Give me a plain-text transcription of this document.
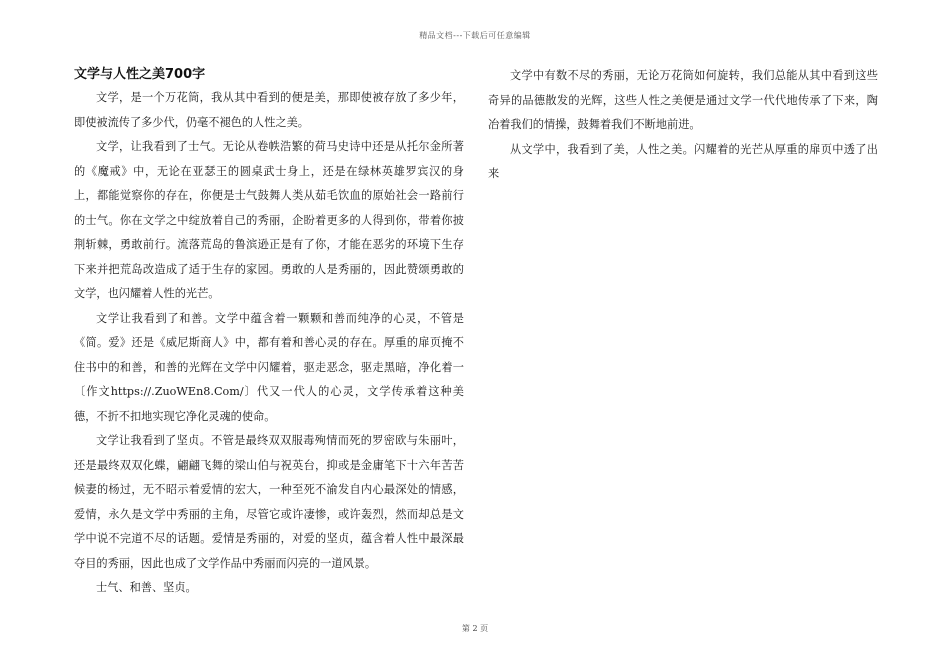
精品文档---下载后可任意编辑
文学与人性之美700字

文学，是一个万花筒，我从其中看到的便是美，那即使被存放了多少年，即使被流传了多少代，仍毫不褪色的人性之美。

文学，让我看到了士气。无论从卷帙浩繁的荷马史诗中还是从托尔金所著的《魔戒》中，无论在亚瑟王的圆桌武士身上，还是在绿林英雄罗宾汉的身上，都能觉察你的存在，你便是士气鼓舞人类从茹毛饮血的原始社会一路前行的士气。你在文学之中绽放着自己的秀丽，企盼着更多的人得到你，带着你披荆斩棘，勇敢前行。流落荒岛的鲁滨逊正是有了你，才能在恶劣的环境下生存下来并把荒岛改造成了适于生存的家园。勇敢的人是秀丽的，因此赞颂勇敢的文学，也闪耀着人性的光芒。

文学让我看到了和善。文学中蕴含着一颗颗和善而纯净的心灵，不管是《简。爱》还是《威尼斯商人》中，都有着和善心灵的存在。厚重的扉页掩不住书中的和善，和善的光辉在文学中闪耀着，驱走恶念，驱走黑暗，净化着一〔作文https://.ZuoWEn8.Com/〕代又一代人的心灵，文学传承着这种美德，不折不扣地实现它净化灵魂的使命。

文学让我看到了坚贞。不管是最终双双服毒殉情而死的罗密欧与朱丽叶，还是最终双双化蝶，翩翩飞舞的梁山伯与祝英台，抑或是金庸笔下十六年苦苦候妻的杨过，无不昭示着爱情的宏大，一种至死不渝发自内心最深处的情感，爱情，永久是文学中秀丽的主角，尽管它或许凄惨，或许轰烈，然而却总是文学中说不完道不尽的话题。爱情是秀丽的，对爱的坚贞，蕴含着人性中最深最夺目的秀丽，因此也成了文学作品中秀丽而闪亮的一道风景。

士气、和善、坚贞。

文学中有数不尽的秀丽，无论万花筒如何旋转，我们总能从其中看到这些奇异的品德散发的光辉，这些人性之美便是通过文学一代代地传承了下来，陶冶着我们的情操，鼓舞着我们不断地前进。

从文学中，我看到了美，人性之美。闪耀着的光芒从厚重的扉页中透了出来

第 2 页
